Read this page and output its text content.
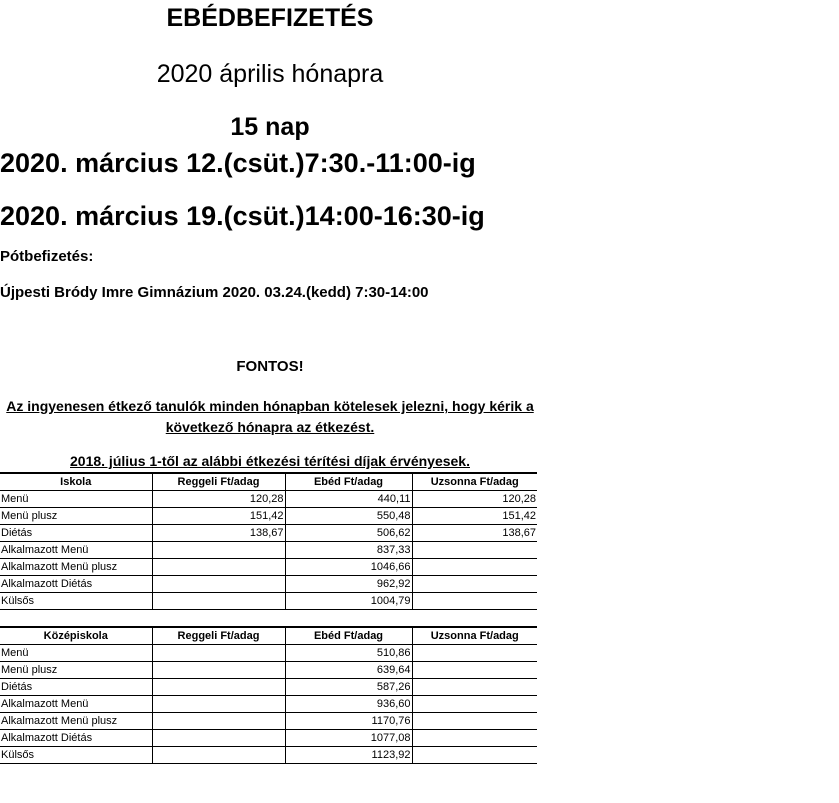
EBÉDBEFIZETÉS
2020 április hónapra
15 nap
2020. március 12.(csüt.)7:30.-11:00-ig
2020. március 19.(csüt.)14:00-16:30-ig
Pótbefizetés:
Újpesti Bródy Imre Gimnázium 2020. 03.24.(kedd) 7:30-14:00
FONTOS!
Az ingyenesen étkező tanulók minden hónapban kötelesek jelezni, hogy kérik a következő hónapra az étkezést.
2018. július 1-től az alábbi étkezési térítési díjak érvényesek.
Iskola	Reggeli Ft/adag	Ebéd Ft/adag	Uzsonna Ft/adag
Menü	120,28	440,11	120,28
Menü plusz	151,42	550,48	151,42
Diétás	138,67	506,62	138,67
Alkalmazott Menü		837,33	
Alkalmazott Menü plusz		1046,66	
Alkalmazott Diétás		962,92	
Külsős		1004,79	
Középiskola	Reggeli Ft/adag	Ebéd Ft/adag	Uzsonna Ft/adag
Menü		510,86	
Menü plusz		639,64	
Diétás		587,26	
Alkalmazott Menü		936,60	
Alkalmazott Menü plusz		1170,76	
Alkalmazott Diétás		1077,08	
Külsős		1123,92	
